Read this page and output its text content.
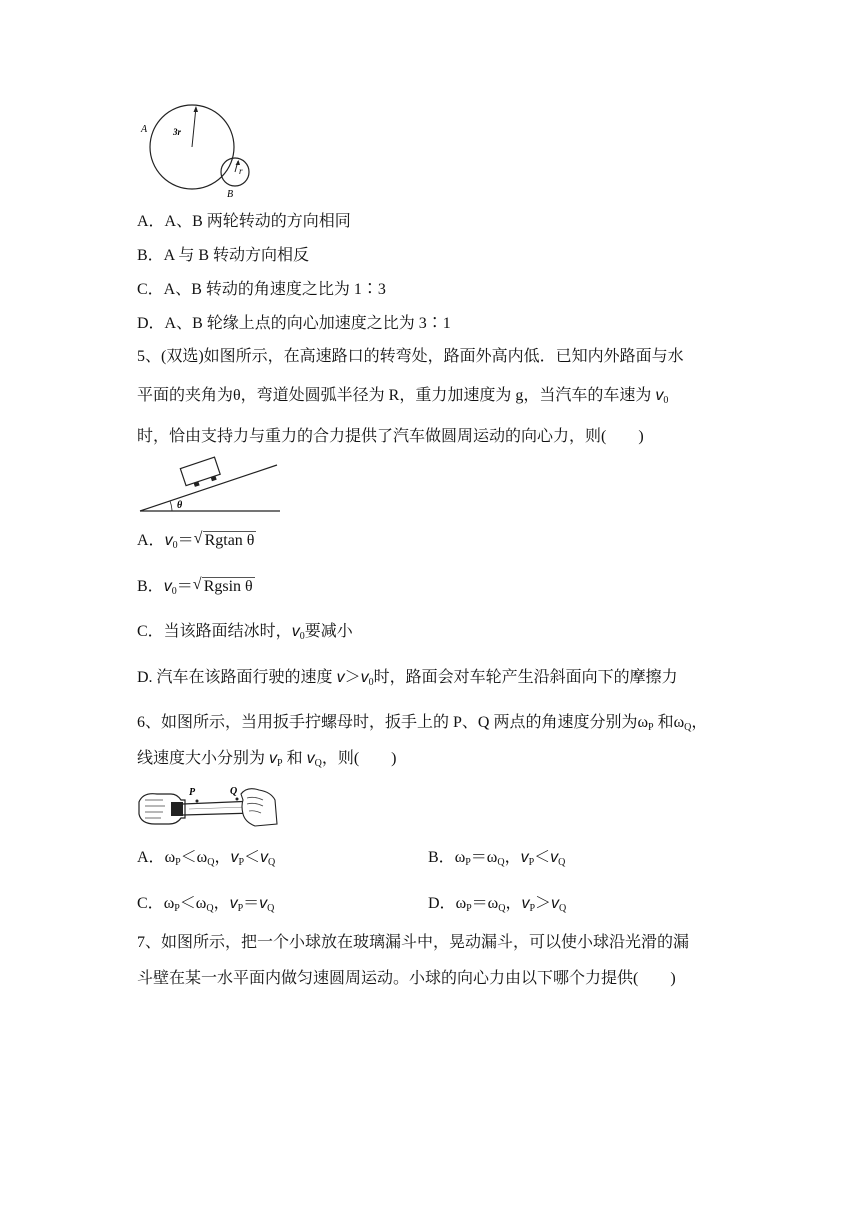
A	3r
r
B
A．A、B 两轮转动的方向相同
B．A 与 B 转动方向相反
C．A、B 转动的角速度之比为 1∶3
D．A、B 轮缘上点的向心加速度之比为 3∶1
5、(双选)如图所示，在高速路口的转弯处，路面外高内低．已知内外路面与水
平面的夹角为θ，弯道处圆弧半径为 R，重力加速度为 g，当汽车的车速为 $v_0$
时，恰由支持力与重力的合力提供了汽车做圆周运动的向心力，则(　　)
θ
A．$v_0=$ √ Rgtan θ
B．$v_0=$ √ Rgsin θ
C．当该路面结冰时，$v_0$要减小
D. 汽车在该路面行驶的速度 $v>v_0$时，路面会对车轮产生沿斜面向下的摩擦力
6、如图所示，当用扳手拧螺母时，扳手上的 P、Q 两点的角速度分别为$\omega_P$ 和$\omega_Q$，
线速度大小分别为 $v_P$ 和 $v_Q$，则(　　)
P	Q
A．$\omega_P<\omega_Q$，$v_P<v_Q$	B．$\omega_P=\omega_Q$，$v_P<v_Q$
C．$\omega_P<\omega_Q$，$v_P=v_Q$	D．$\omega_P=\omega_Q$，$v_P>v_Q$
7、如图所示，把一个小球放在玻璃漏斗中，晃动漏斗，可以使小球沿光滑的漏
斗壁在某一水平面内做匀速圆周运动。小球的向心力由以下哪个力提供(　　)
